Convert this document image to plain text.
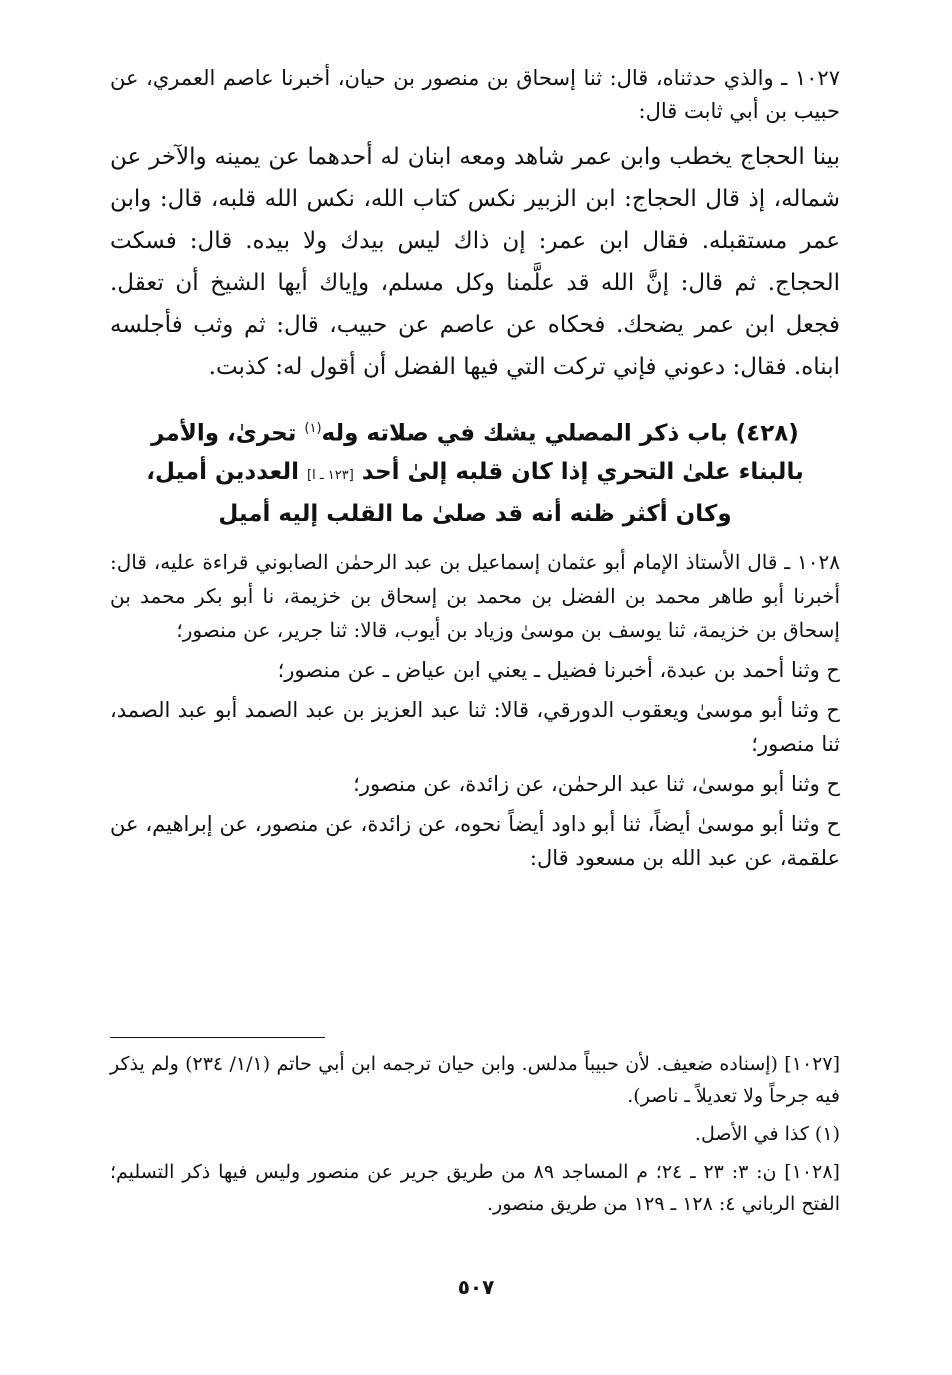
١٠٢٧ ـ والذي حدثناه، قال: ثنا إسحاق بن منصور بن حيان، أخبرنا عاصم العمري، عن حبيب بن أبي ثابت قال:

بينا الحجاج يخطب وابن عمر شاهد ومعه ابنان له أحدهما عن يمينه والآخر عن شماله، إذ قال الحجاج: ابن الزبير نكس كتاب الله، نكس الله قلبه، قال: وابن عمر مستقبله. فقال ابن عمر: إن ذاك ليس بيدك ولا بيده. قال: فسكت الحجاج. ثم قال: إنَّ الله قد علَّمنا وكل مسلم، وإياك أيها الشيخ أن تعقل. فجعل ابن عمر يضحك. فحكاه عن عاصم عن حبيب، قال: ثم وثب فأجلسه ابناه. فقال: دعوني فإني تركت التي فيها الفضل أن أقول له: كذبت.

(٤٢٨) باب ذكر المصلي يشك في صلاته وله$^{(١)}$ تحرىٰ، والأمر بالبناء علىٰ التحري إذا كان قلبه إلىٰ أحد [١٢٣ ـ ا] العددين أميل، وكان أكثر ظنه أنه قد صلىٰ ما القلب إليه أميل

١٠٢٨ ـ قال الأستاذ الإمام أبو عثمان إسماعيل بن عبد الرحمٰن الصابوني قراءة عليه، قال: أخبرنا أبو طاهر محمد بن الفضل بن محمد بن إسحاق بن خزيمة، نا أبو بكر محمد بن إسحاق بن خزيمة، ثنا يوسف بن موسىٰ وزياد بن أيوب، قالا: ثنا جرير، عن منصور؛

ح وثنا أحمد بن عبدة، أخبرنا فضيل ـ يعني ابن عياض ـ عن منصور؛

ح وثنا أبو موسىٰ ويعقوب الدورقي، قالا: ثنا عبد العزيز بن عبد الصمد أبو عبد الصمد، ثنا منصور؛

ح وثنا أبو موسىٰ، ثنا عبد الرحمٰن، عن زائدة، عن منصور؛

ح وثنا أبو موسىٰ أيضاً، ثنا أبو داود أيضاً نحوه، عن زائدة، عن منصور، عن إبراهيم، عن علقمة، عن عبد الله بن مسعود قال:

[١٠٢٧] (إسناده ضعيف. لأن حبيباً مدلس. وابن حيان ترجمه ابن أبي حاتم (١/١/ ٢٣٤) ولم يذكر فيه جرحاً ولا تعديلاً ـ ناصر).

(١) كذا في الأصل.

[١٠٢٨] ن: ٣: ٢٣ ـ ٢٤؛ م المساجد ٨٩ من طريق جرير عن منصور وليس فيها ذكر التسليم؛ الفتح الرباني ٤: ١٢٨ ـ ١٢٩ من طريق منصور.

٥٠٧
